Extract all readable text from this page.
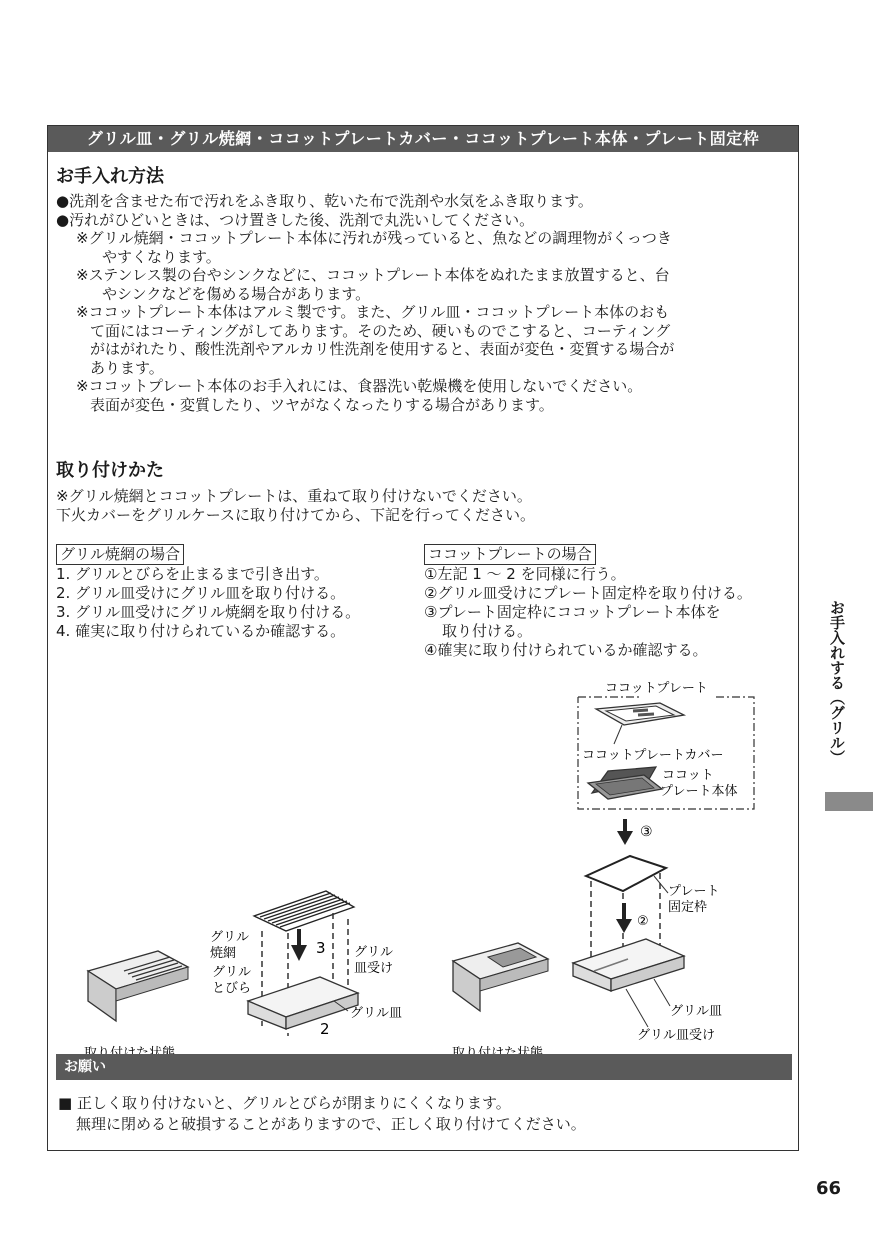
グリル皿・グリル焼網・ココットプレートカバー・ココットプレート本体・プレート固定枠
お手入れ方法
●洗剤を含ませた布で汚れをふき取り、乾いた布で洗剤や水気をふき取ります。
●汚れがひどいときは、つけ置きした後、洗剤で丸洗いしてください。
※グリル焼網・ココットプレート本体に汚れが残っていると、魚などの調理物がくっつき
やすくなります。
※ステンレス製の台やシンクなどに、ココットプレート本体をぬれたまま放置すると、台
やシンクなどを傷める場合があります。
※ココットプレート本体はアルミ製です。また、グリル皿・ココットプレート本体のおも
て面にはコーティングがしてあります。そのため、硬いものでこすると、コーティング
がはがれたり、酸性洗剤やアルカリ性洗剤を使用すると、表面が変色・変質する場合が
あります。
※ココットプレート本体のお手入れには、食器洗い乾燥機を使用しないでください。
表面が変色・変質したり、ツヤがなくなったりする場合があります。
取り付けかた
※グリル焼網とココットプレートは、重ねて取り付けないでください。
下火カバーをグリルケースに取り付けてから、下記を行ってください。
グリル焼網の場合
1. グリルとびらを止まるまで引き出す。
2. グリル皿受けにグリル皿を取り付ける。
3. グリル皿受けにグリル焼網を取り付ける。
4. 確実に取り付けられているか確認する。
ココットプレートの場合
①左記 1 ～ 2 を同様に行う。
②グリル皿受けにプレート固定枠を取り付ける。
③プレート固定枠にココットプレート本体を
取り付ける。
④確実に取り付けられているか確認する。
ココットプレート
ココットプレートカバー
ココット
プレート本体
③
プレート
固定枠
②
グリル皿
グリル皿受け
グリル
焼網	3
グリル
とびら
グリル
皿受け
2
グリル皿
お願い
■ 正しく取り付けないと、グリルとびらが閉まりにくくなります。
無理に閉めると破損することがありますので、正しく取り付けてください。
お手入れする（グリル）
66
